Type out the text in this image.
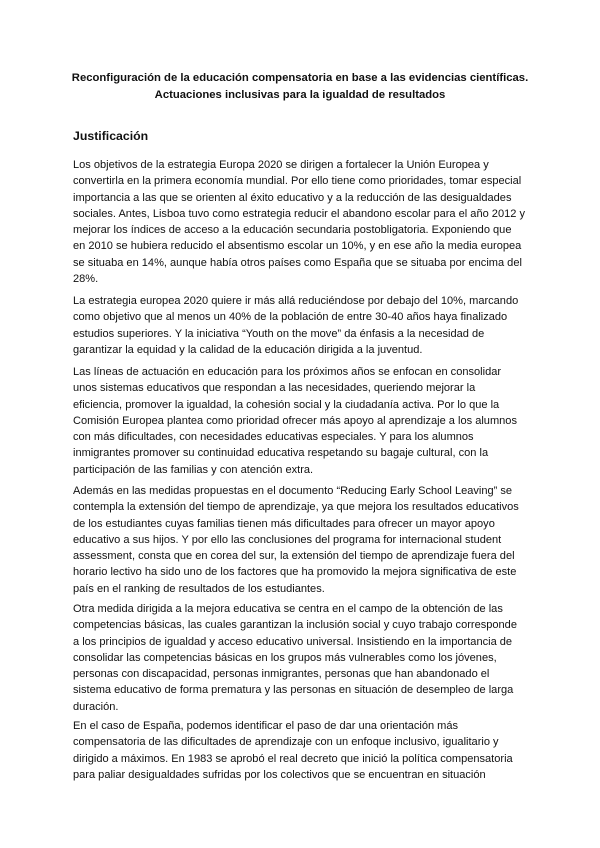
Reconfiguración de la educación compensatoria en base a las evidencias científicas.
Actuaciones inclusivas para la igualdad de resultados
Justificación

Los objetivos de la estrategia Europa 2020 se dirigen a fortalecer la Unión Europea y
convertirla en la primera economía mundial. Por ello tiene como prioridades, tomar especial
importancia a las que se orienten al éxito educativo y a la reducción de las desigualdades
sociales. Antes, Lisboa tuvo como estrategia reducir el abandono escolar para el año 2012 y
mejorar los índices de acceso a la educación secundaria postobligatoria. Exponiendo que
en 2010 se hubiera reducido el absentismo escolar un 10%, y en ese año la media europea
se situaba en 14%, aunque había otros países como España que se situaba por encima del
28%.

La estrategia europea 2020 quiere ir más allá reduciéndose por debajo del 10%, marcando
como objetivo que al menos un 40% de la población de entre 30-40 años haya finalizado
estudios superiores. Y la iniciativa “Youth on the move” da énfasis a la necesidad de
garantizar la equidad y la calidad de la educación dirigida a la juventud.

Las líneas de actuación en educación para los próximos años se enfocan en consolidar
unos sistemas educativos que respondan a las necesidades, queriendo mejorar la
eficiencia, promover la igualdad, la cohesión social y la ciudadanía activa. Por lo que la
Comisión Europea plantea como prioridad ofrecer más apoyo al aprendizaje a los alumnos
con más dificultades, con necesidades educativas especiales. Y para los alumnos
inmigrantes promover su continuidad educativa respetando su bagaje cultural, con la
participación de las familias y con atención extra.

Además en las medidas propuestas en el documento “Reducing Early School Leaving” se
contempla la extensión del tiempo de aprendizaje, ya que mejora los resultados educativos
de los estudiantes cuyas familias tienen más dificultades para ofrecer un mayor apoyo
educativo a sus hijos. Y por ello las conclusiones del programa for internacional student
assessment, consta que en corea del sur, la extensión del tiempo de aprendizaje fuera del
horario lectivo ha sido uno de los factores que ha promovido la mejora significativa de este
país en el ranking de resultados de los estudiantes.

Otra medida dirigida a la mejora educativa se centra en el campo de la obtención de las
competencias básicas, las cuales garantizan la inclusión social y cuyo trabajo corresponde
a los principios de igualdad y acceso educativo universal. Insistiendo en la importancia de
consolidar las competencias básicas en los grupos más vulnerables como los jóvenes,
personas con discapacidad, personas inmigrantes, personas que han abandonado el
sistema educativo de forma prematura y las personas en situación de desempleo de larga
duración.

En el caso de España, podemos identificar el paso de dar una orientación más
compensatoria de las dificultades de aprendizaje con un enfoque inclusivo, igualitario y
dirigido a máximos. En 1983 se aprobó el real decreto que inició la política compensatoria
para paliar desigualdades sufridas por los colectivos que se encuentran en situación
